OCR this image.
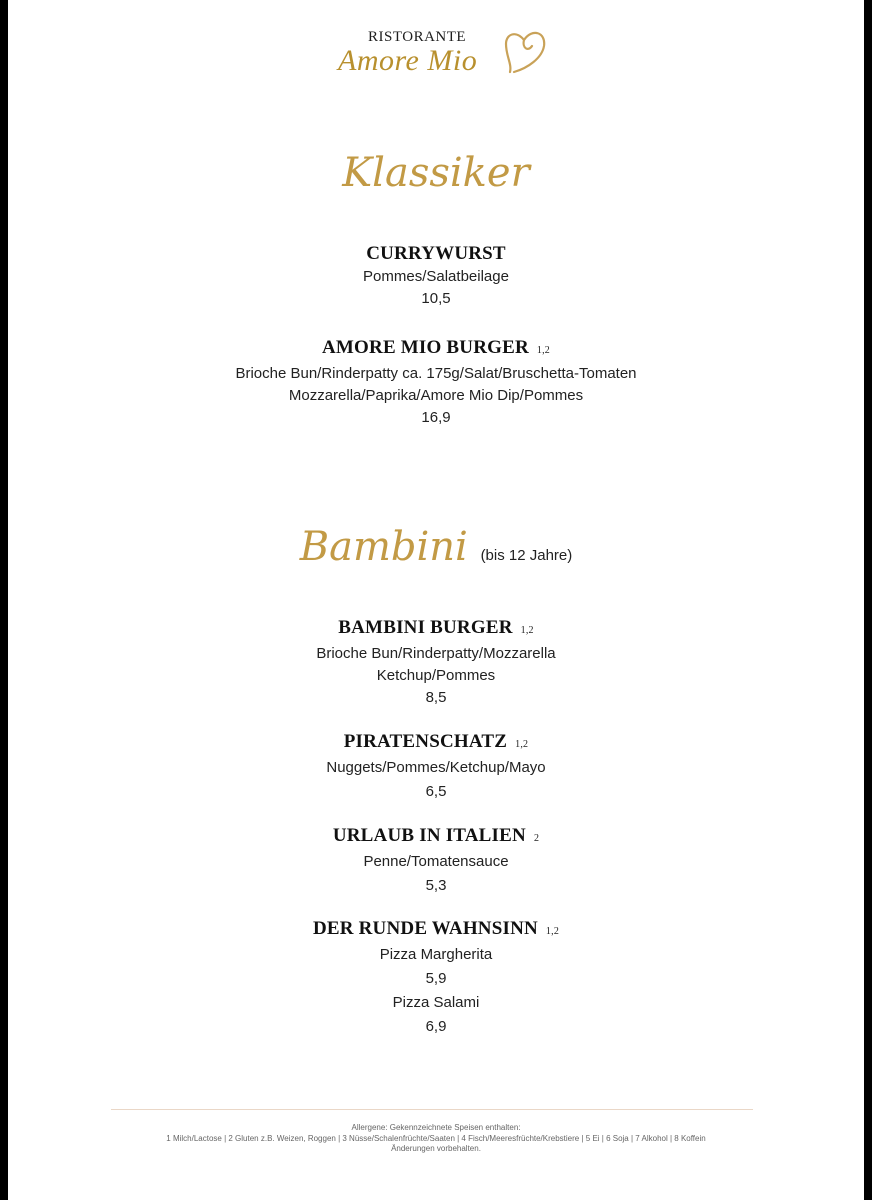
RISTORANTE
Amore Mio
Klassiker
CURRYWURST
Pommes/Salatbeilage
10,5
AMORE MIO BURGER 1,2
Brioche Bun/Rinderpatty ca. 175g/Salat/Bruschetta-Tomaten
Mozzarella/Paprika/Amore Mio Dip/Pommes
16,9
Bambini (bis 12 Jahre)
BAMBINI BURGER 1,2
Brioche Bun/Rinderpatty/Mozzarella
Ketchup/Pommes
8,5
PIRATENSCHATZ 1,2
Nuggets/Pommes/Ketchup/Mayo
6,5
URLAUB IN ITALIEN 2
Penne/Tomatensauce
5,3
DER RUNDE WAHNSINN 1,2
Pizza Margherita
5,9
Pizza Salami
6,9
Allergene: Gekennzeichnete Speisen enthalten:
1 Milch/Lactose | 2 Gluten z.B. Weizen, Roggen | 3 Nüsse/Schalenfrüchte/Saaten | 4 Fisch/Meeresfrüchte/Krebstiere | 5 Ei | 6 Soja | 7 Alkohol | 8 Koffein
Änderungen vorbehalten.
